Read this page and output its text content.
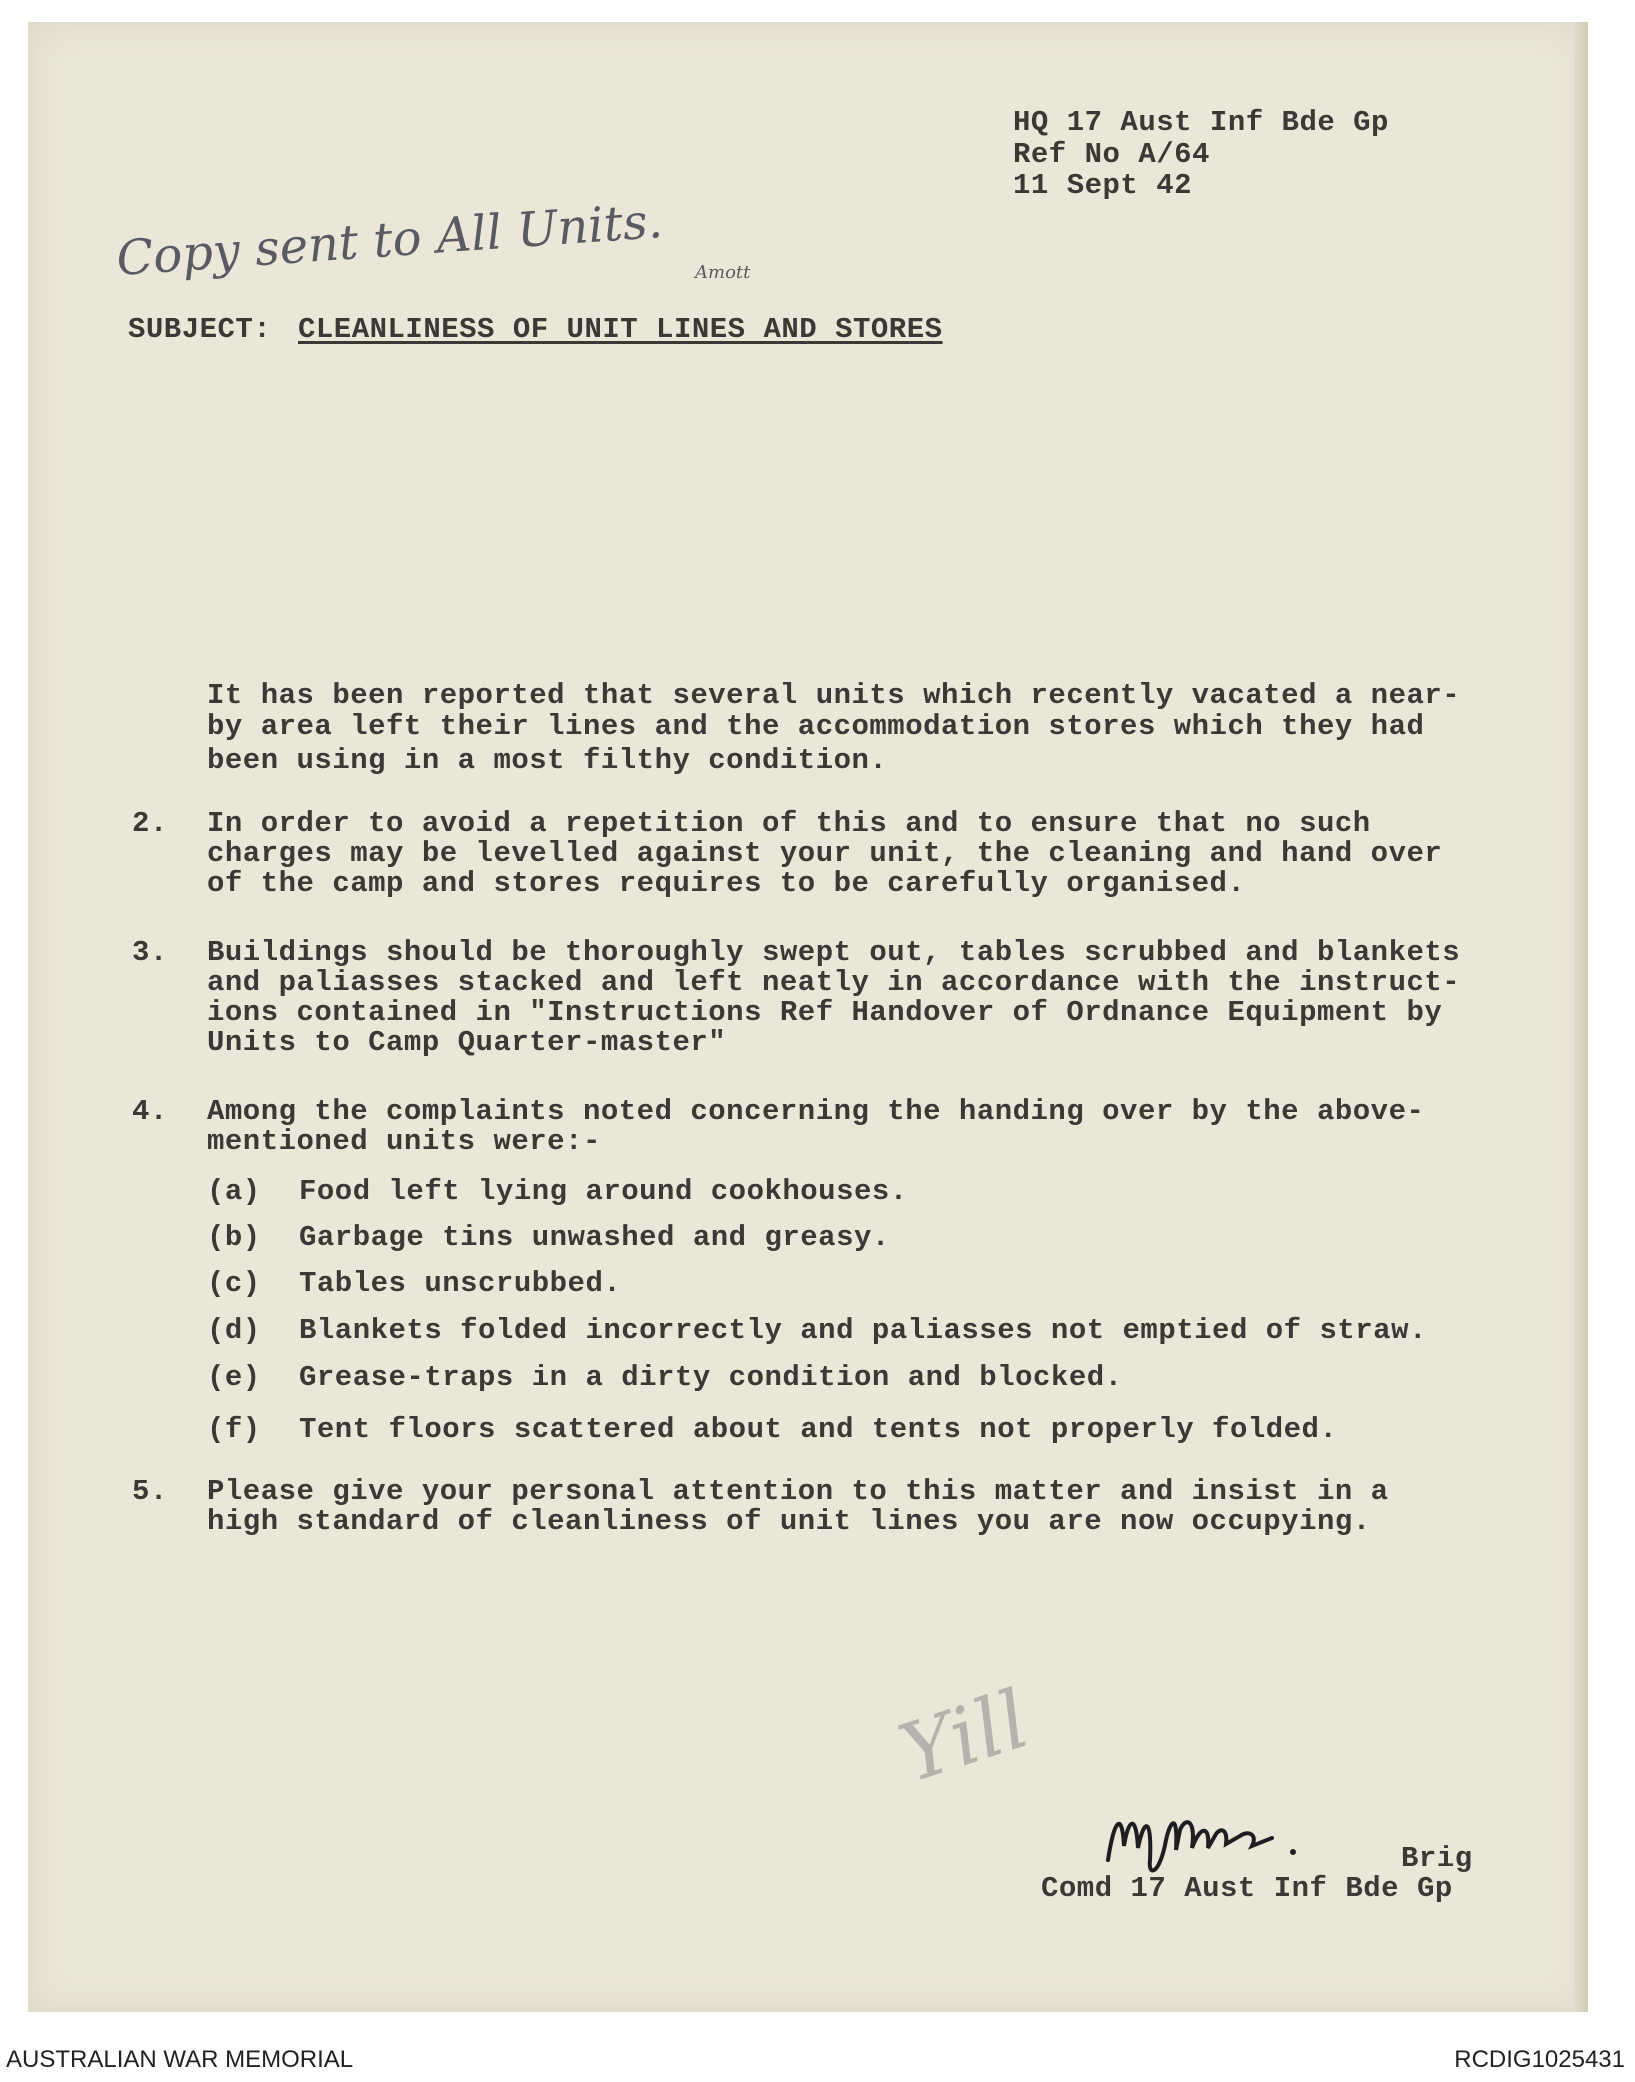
HQ 17 Aust Inf Bde Gp
Ref No A/64
11 Sept 42
Copy sent to All Units. Amott
SUBJECT: CLEANLINESS OF UNIT LINES AND STORES
It has been reported that several units which recently vacated a near-
by area left their lines and the accommodation stores which they had
been using in a most filthy condition.
2. In order to avoid a repetition of this and to ensure that no such
charges may be levelled against your unit, the cleaning and hand over
of the camp and stores requires to be carefully organised.
3. Buildings should be thoroughly swept out, tables scrubbed and blankets
and paliasses stacked and left neatly in accordance with the instruct-
ions contained in "Instructions Ref Handover of Ordnance Equipment by
Units to Camp Quarter-master"
4. Among the complaints noted concerning the handing over by the above-
mentioned units were:-
(a) Food left lying around cookhouses.
(b) Garbage tins unwashed and greasy.
(c) Tables unscrubbed.
(d) Blankets folded incorrectly and paliasses not emptied of straw.
(e) Grease-traps in a dirty condition and blocked.
(f) Tent floors scattered about and tents not properly folded.
5. Please give your personal attention to this matter and insist in a
high standard of cleanliness of unit lines you are now occupying.
Yill
Brig
Comd 17 Aust Inf Bde Gp
AUSTRALIAN WAR MEMORIAL	RCDIG1025431
